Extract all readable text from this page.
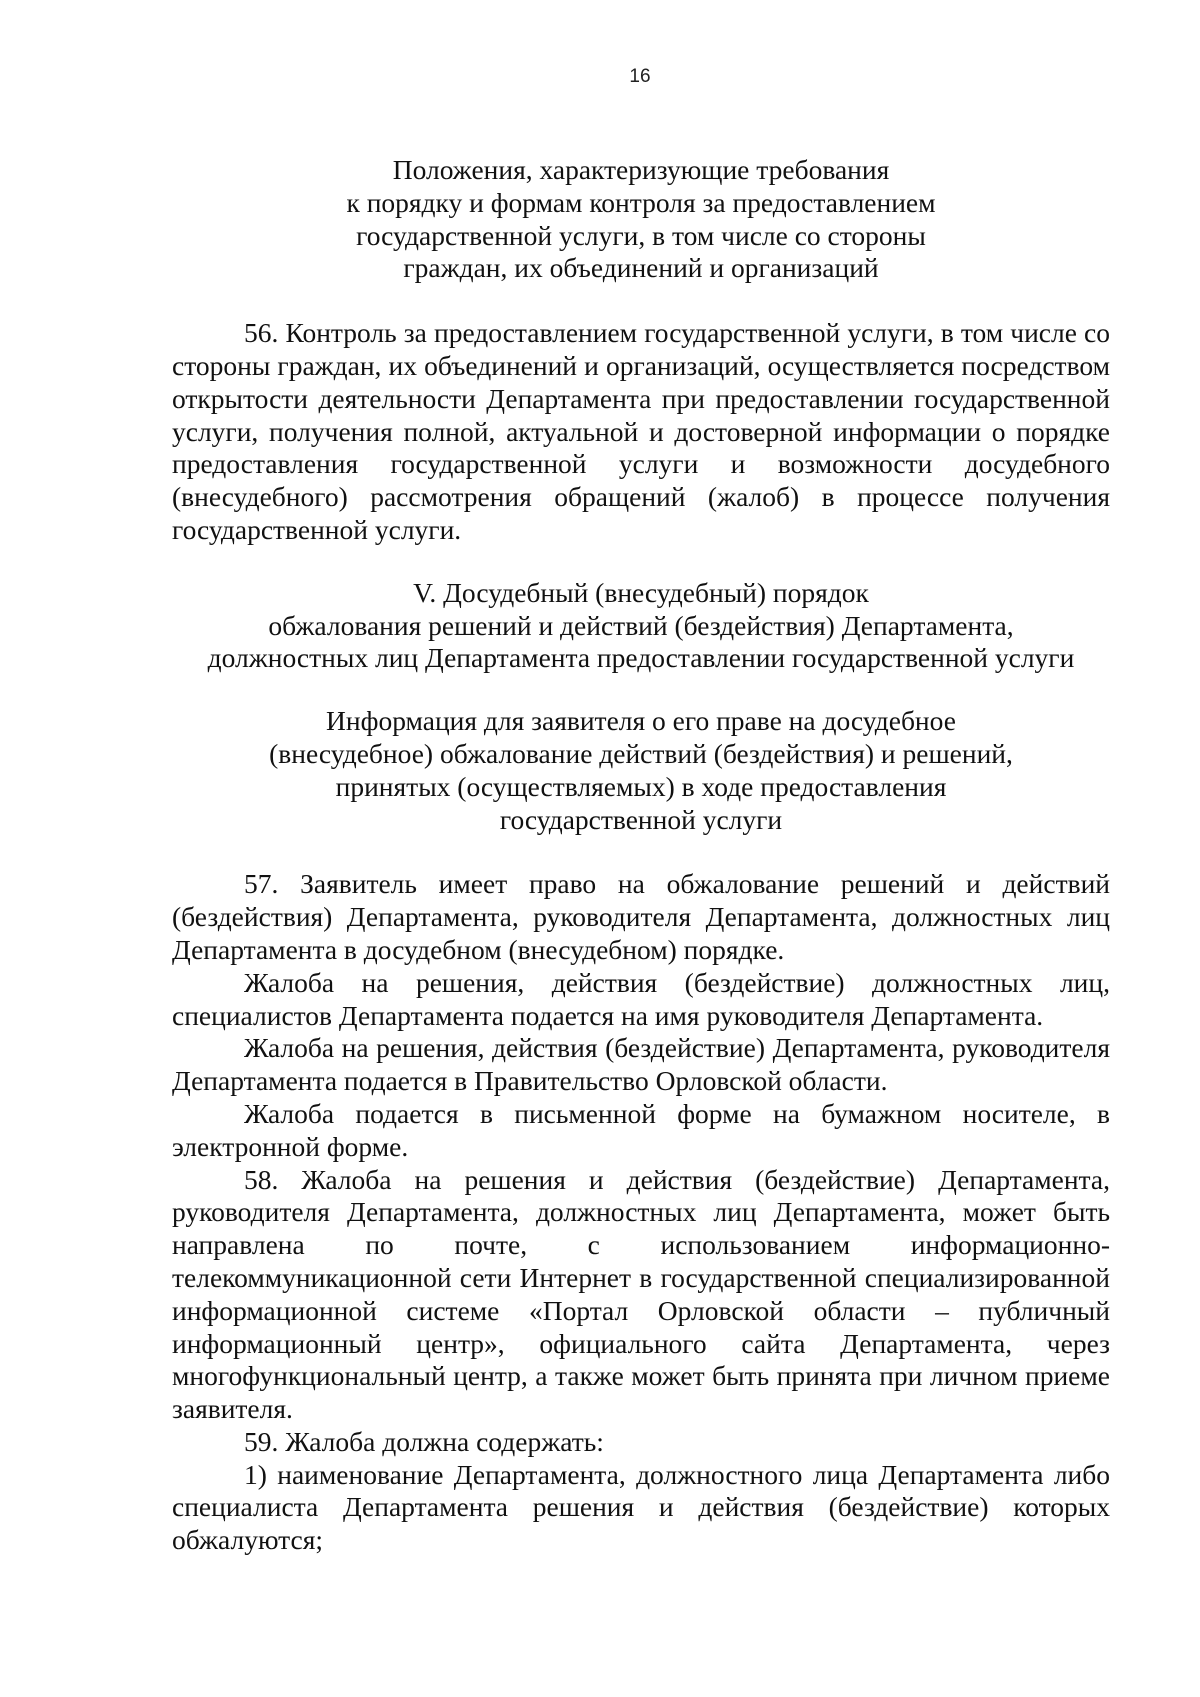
16
Положения, характеризующие требования
к порядку и формам контроля за предоставлением
государственной услуги, в том числе со стороны
граждан, их объединений и организаций

56. Контроль за предоставлением государственной услуги, в том числе со стороны граждан, их объединений и организаций, осуществляется посредством открытости деятельности Департамента при предоставлении государственной услуги, получения полной, актуальной и достоверной информации о порядке предоставления государственной услуги и возможности досудебного (внесудебного) рассмотрения обращений (жалоб) в процессе получения государственной услуги.

V. Досудебный (внесудебный) порядок
обжалования решений и действий (бездействия) Департамента,
должностных лиц Департамента предоставлении государственной услуги
Информация для заявителя о его праве на досудебное
(внесудебное) обжалование действий (бездействия) и решений,
принятых (осуществляемых) в ходе предоставления
государственной услуги

57. Заявитель имеет право на обжалование решений и действий (бездействия) Департамента, руководителя Департамента, должностных лиц Департамента в досудебном (внесудебном) порядке.

Жалоба на решения, действия (бездействие) должностных лиц, специалистов Департамента подается на имя руководителя Департамента.

Жалоба на решения, действия (бездействие) Департамента, руководителя Департамента подается в Правительство Орловской области.

Жалоба подается в письменной форме на бумажном носителе, в электронной форме.

58. Жалоба на решения и действия (бездействие) Департамента, руководителя Департамента, должностных лиц Департамента, может быть направлена по почте, с использованием информационно-телекоммуникационной сети Интернет в государственной специализированной информационной системе «Портал Орловской области – публичный информационный центр», официального сайта Департамента, через многофункциональный центр, а также может быть принята при личном приеме заявителя.

59. Жалоба должна содержать:

1) наименование Департамента, должностного лица Департамента либо специалиста Департамента решения и действия (бездействие) которых обжалуются;
